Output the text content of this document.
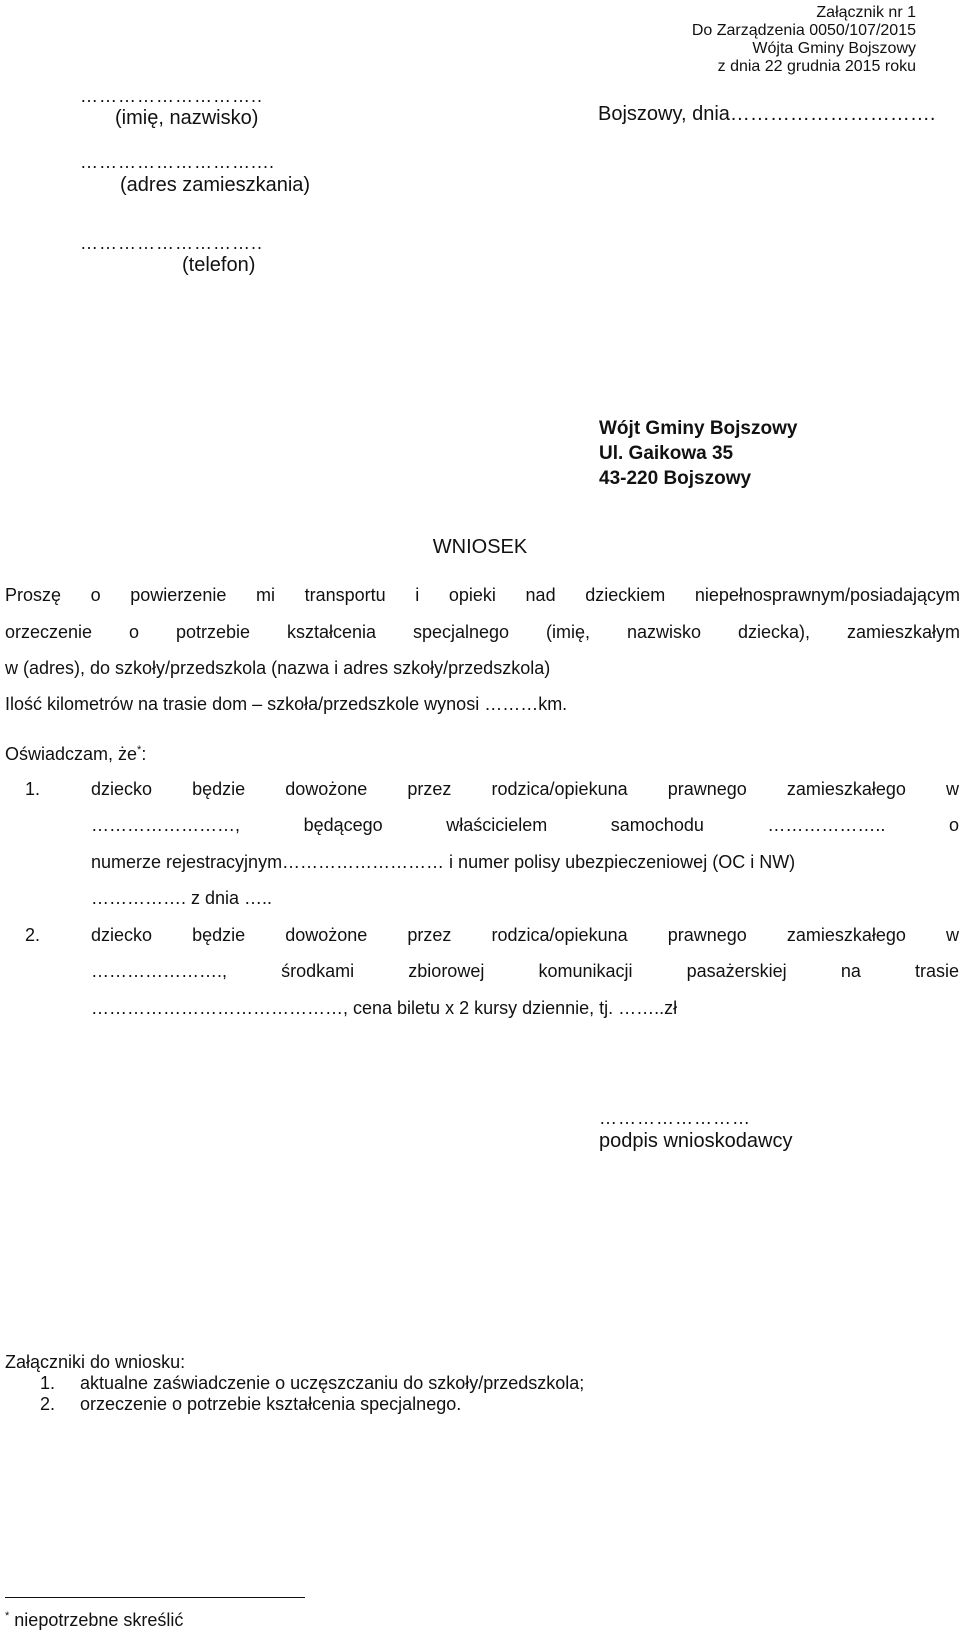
Załącznik nr 1
Do Zarządzenia 0050/107/2015
Wójta Gminy Bojszowy
z dnia 22 grudnia 2015 roku
………………………..
(imię, nazwisko)	Bojszowy, dnia………………………….
………………………....
(adres zamieszkania)
………………………..
(telefon)
Wójt Gminy Bojszowy
Ul. Gaikowa 35
43-220 Bojszowy
WNIOSEK
Proszę o powierzenie mi transportu i opieki nad dzieckiem niepełnosprawnym/posiadającym
orzeczenie o potrzebie kształcenia specjalnego (imię, nazwisko dziecka), zamieszkałym
w (adres), do szkoły/przedszkola (nazwa i adres szkoły/przedszkola)
Ilość kilometrów na trasie dom – szkoła/przedszkole wynosi ………km.
Oświadczam, że*:
1.	dziecko będzie dowożone przez rodzica/opiekuna prawnego zamieszkałego w
……………………, będącego właścicielem samochodu ……………….. o
numerze rejestracyjnym……………………… i numer polisy ubezpieczeniowej (OC i NW)
……………. z dnia …..
2.	dziecko będzie dowożone przez rodzica/opiekuna prawnego zamieszkałego w
…………………., środkami zbiorowej komunikacji pasażerskiej na trasie
……………………………………, cena biletu x 2 kursy dziennie, tj. ……..zł
……………………
podpis wnioskodawcy
Załączniki do wniosku:
1. aktualne zaświadczenie o uczęszczaniu do szkoły/przedszkola;
2. orzeczenie o potrzebie kształcenia specjalnego.
* niepotrzebne skreślić
